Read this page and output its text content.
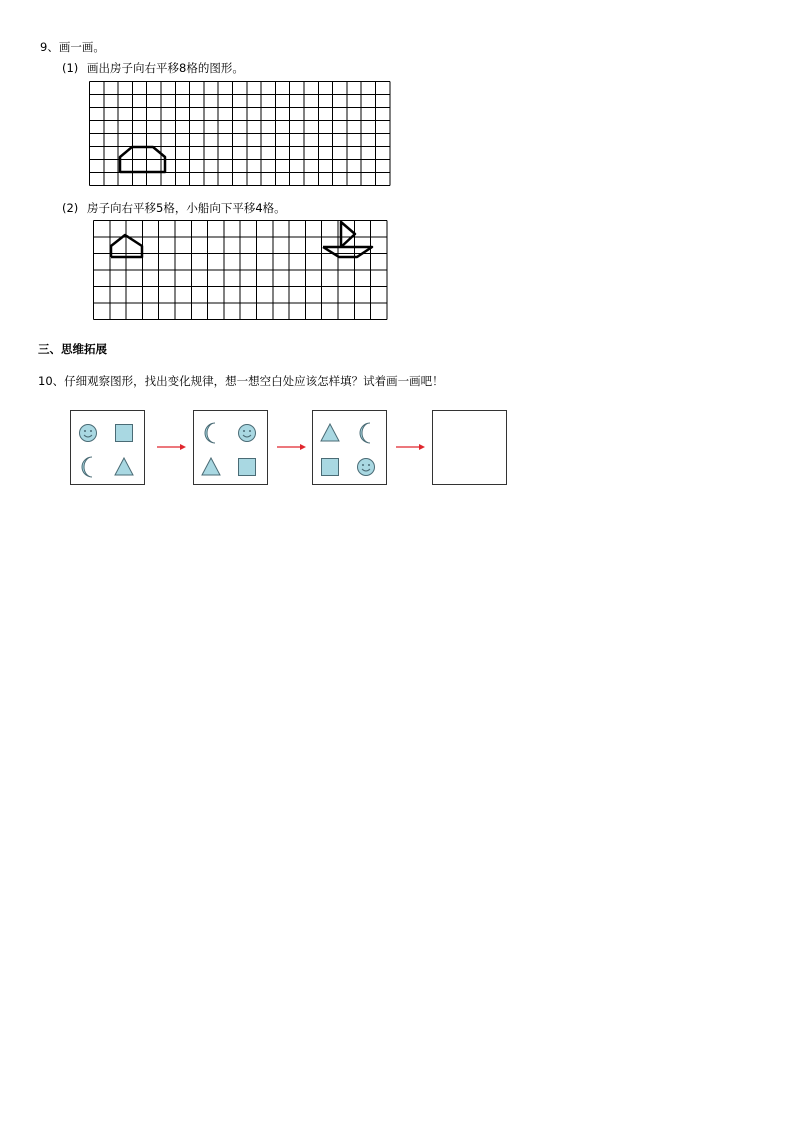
9、画一画。
(1) 画出房子向右平移8格的图形。
(2) 房子向右平移5格，小船向下平移4格。
三、思维拓展
10、仔细观察图形，找出变化规律，想一想空白处应该怎样填？试着画一画吧！
